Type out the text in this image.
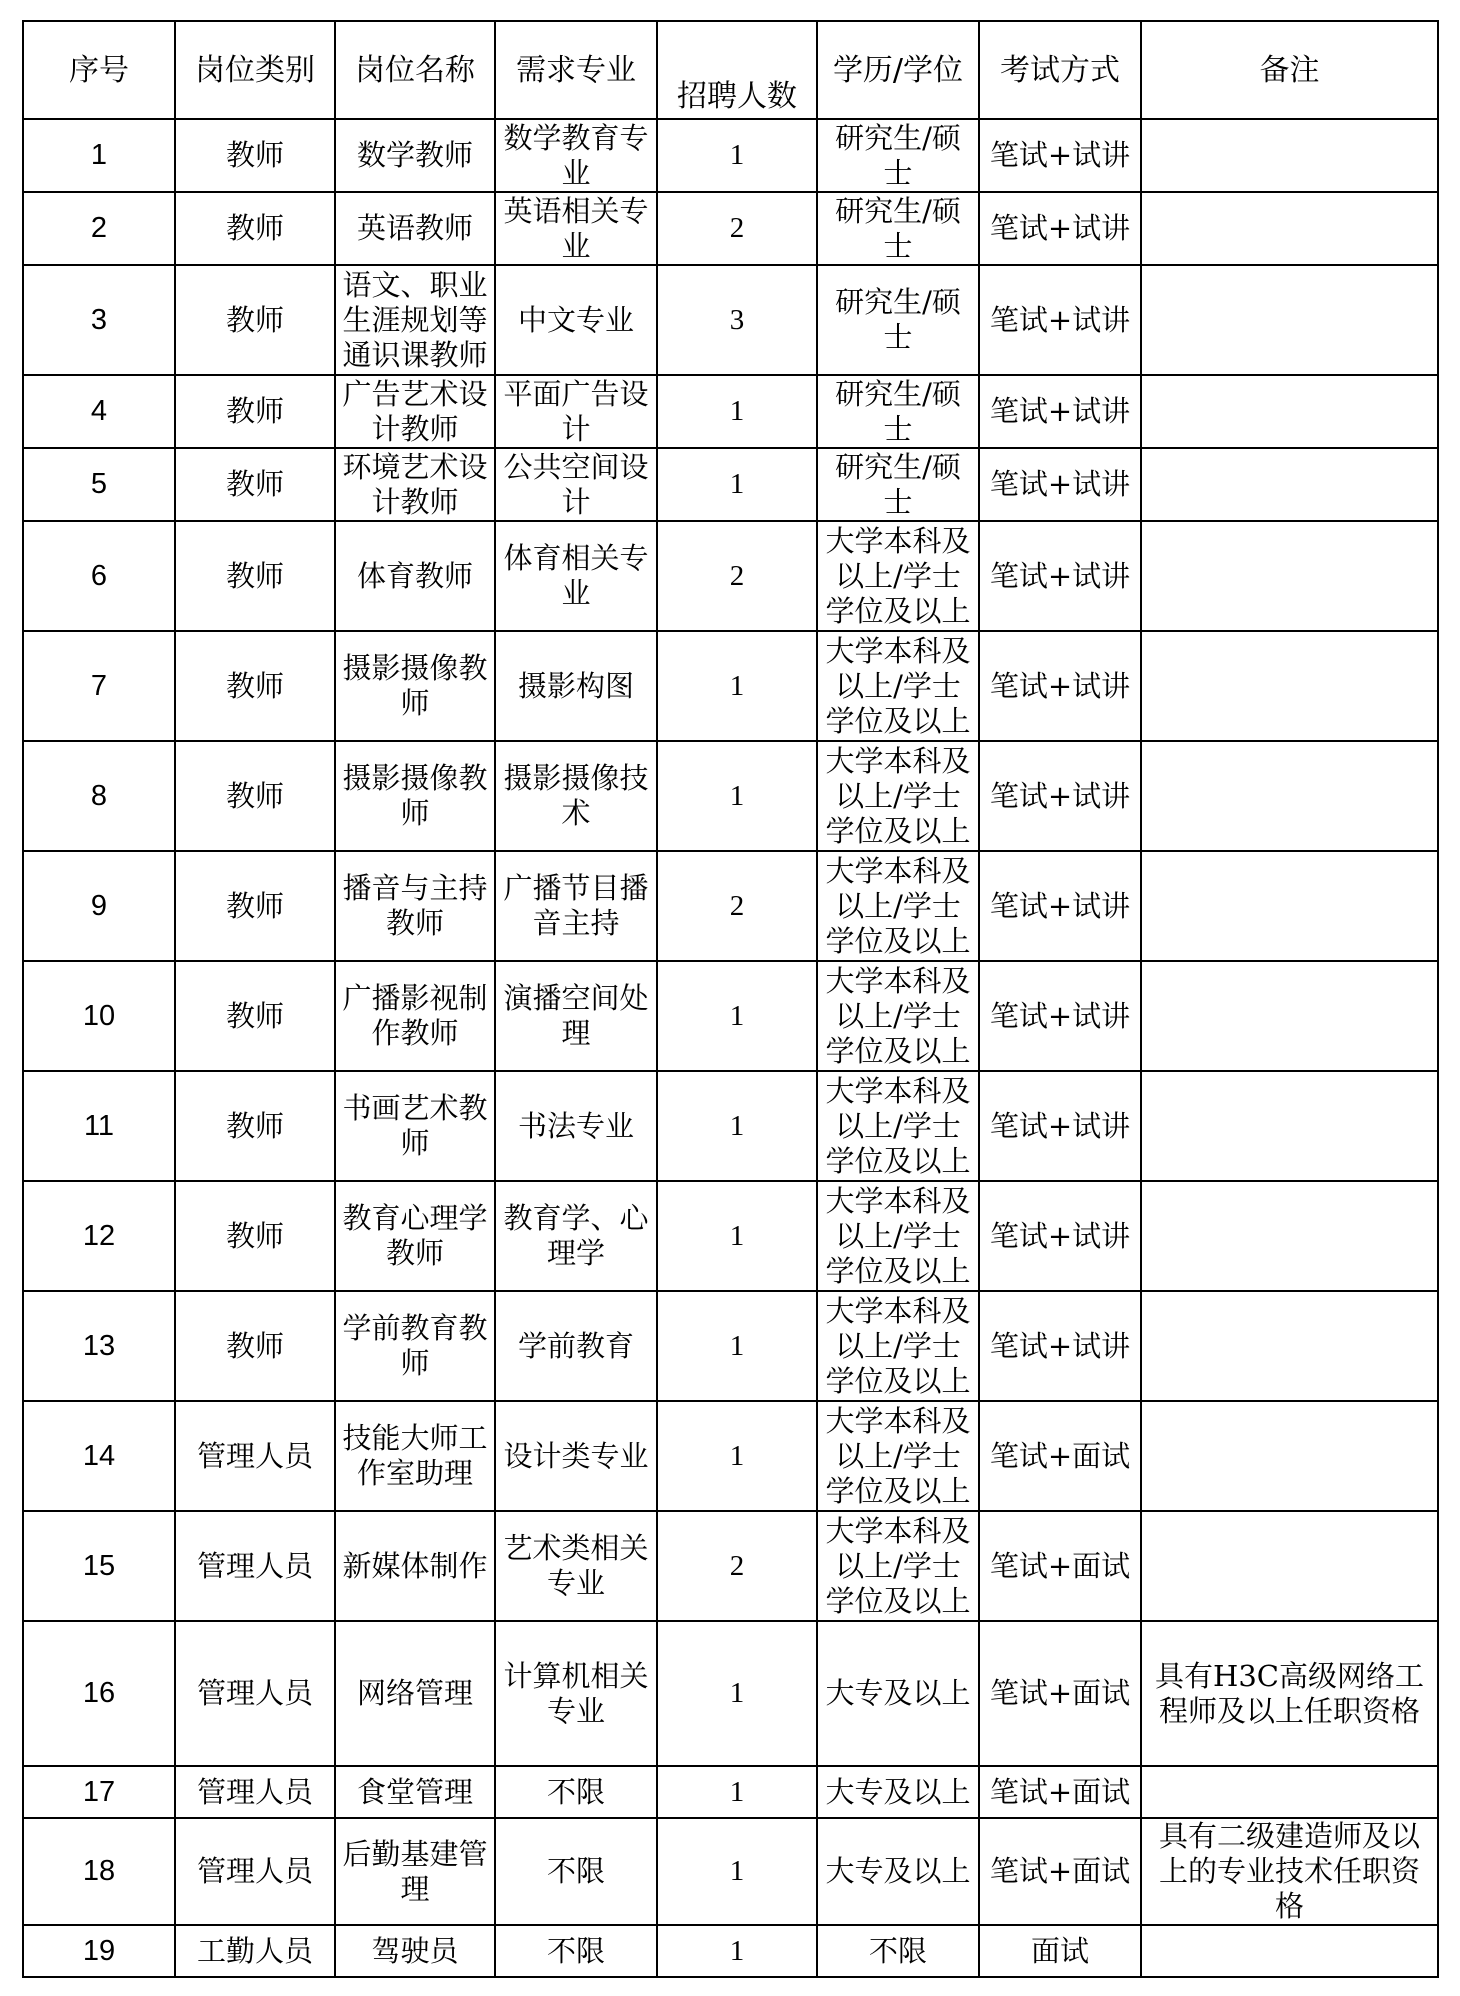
序号	岗位类别	岗位名称	需求专业	招聘人数	学历/学位	考试方式	备注
1	教师	数学教师	数学教育专业	1	研究生/硕士	笔试+试讲	
2	教师	英语教师	英语相关专业	2	研究生/硕士	笔试+试讲	
3	教师	语文、职业生涯规划等通识课教师	中文专业	3	研究生/硕士	笔试+试讲	
4	教师	广告艺术设计教师	平面广告设计	1	研究生/硕士	笔试+试讲	
5	教师	环境艺术设计教师	公共空间设计	1	研究生/硕士	笔试+试讲	
6	教师	体育教师	体育相关专业	2	大学本科及以上/学士学位及以上	笔试+试讲	
7	教师	摄影摄像教师	摄影构图	1	大学本科及以上/学士学位及以上	笔试+试讲	
8	教师	摄影摄像教师	摄影摄像技术	1	大学本科及以上/学士学位及以上	笔试+试讲	
9	教师	播音与主持教师	广播节目播音主持	2	大学本科及以上/学士学位及以上	笔试+试讲	
10	教师	广播影视制作教师	演播空间处理	1	大学本科及以上/学士学位及以上	笔试+试讲	
11	教师	书画艺术教师	书法专业	1	大学本科及以上/学士学位及以上	笔试+试讲	
12	教师	教育心理学教师	教育学、心理学	1	大学本科及以上/学士学位及以上	笔试+试讲	
13	教师	学前教育教师	学前教育	1	大学本科及以上/学士学位及以上	笔试+试讲	
14	管理人员	技能大师工作室助理	设计类专业	1	大学本科及以上/学士学位及以上	笔试+面试	
15	管理人员	新媒体制作	艺术类相关专业	2	大学本科及以上/学士学位及以上	笔试+面试	
16	管理人员	网络管理	计算机相关专业	1	大专及以上	笔试+面试	具有H3C高级网络工程师及以上任职资格
17	管理人员	食堂管理	不限	1	大专及以上	笔试+面试	
18	管理人员	后勤基建管理	不限	1	大专及以上	笔试+面试	具有二级建造师及以上的专业技术任职资格
19	工勤人员	驾驶员	不限	1	不限	面试	
